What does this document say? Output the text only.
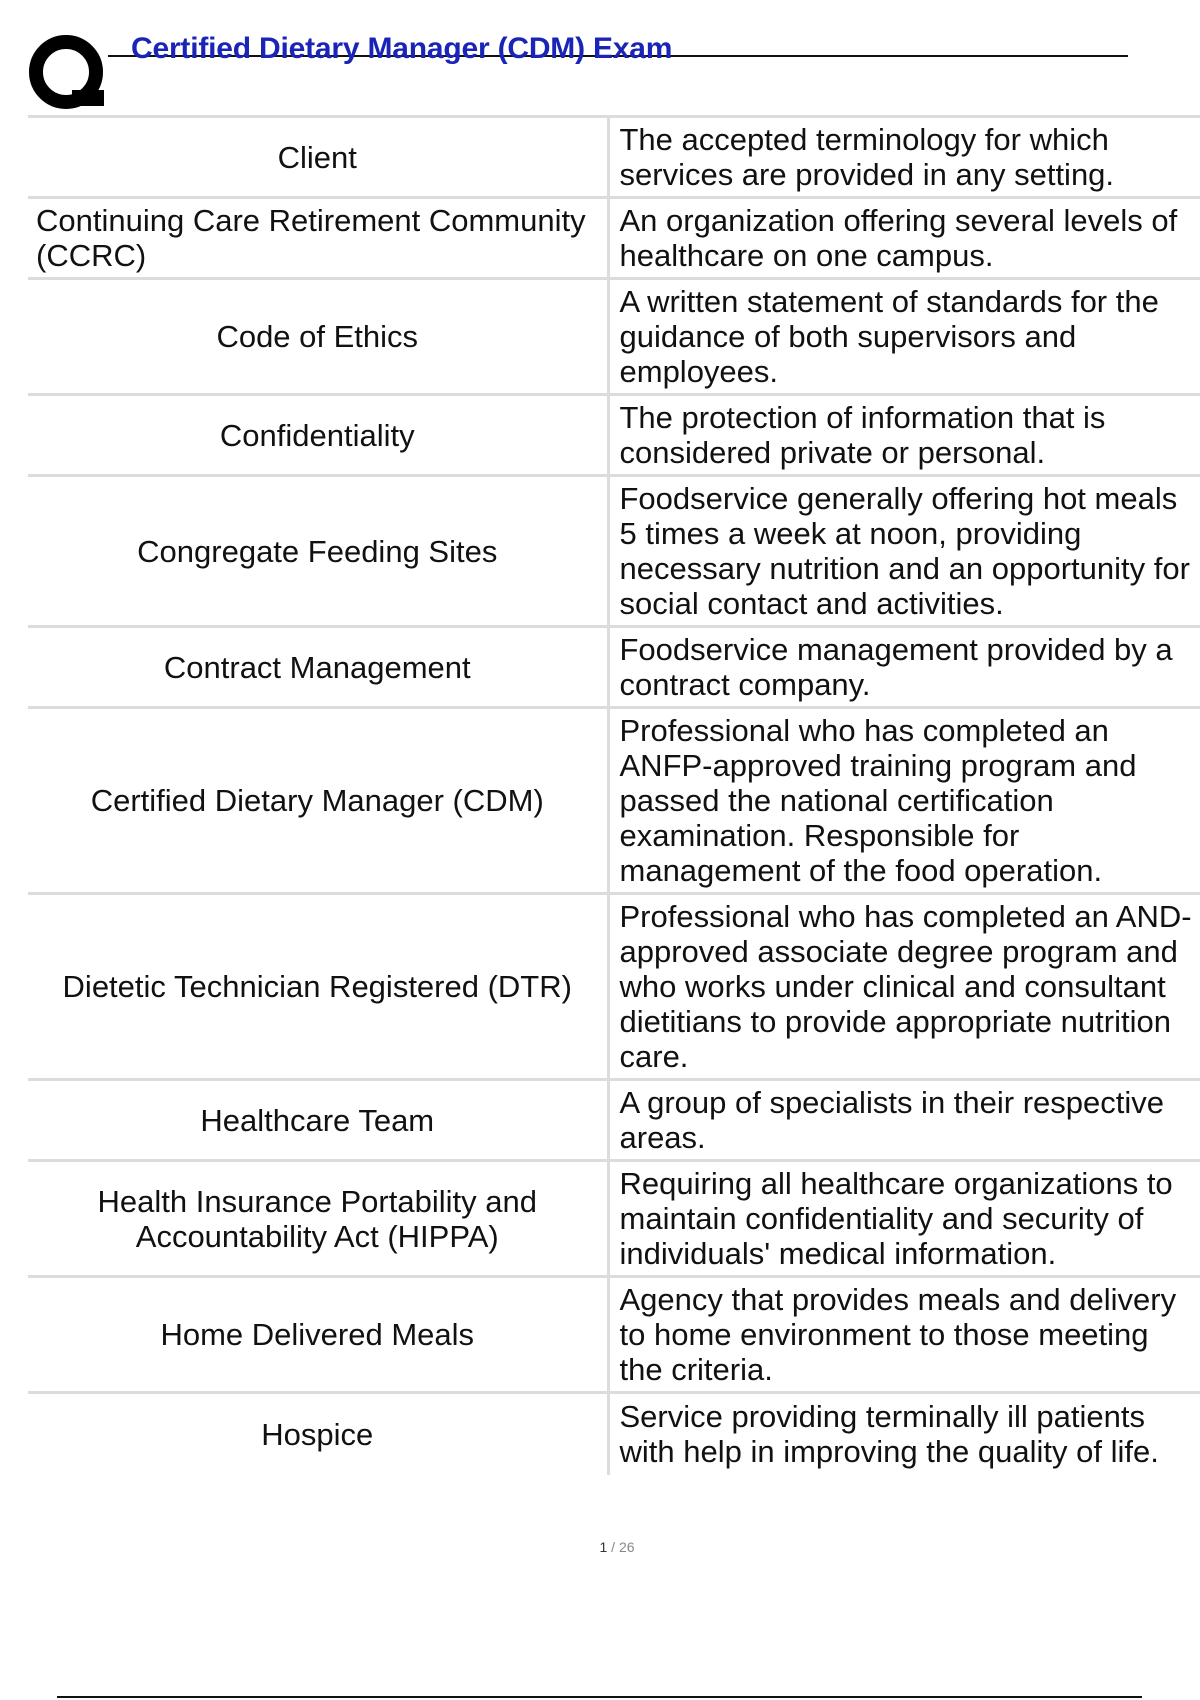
Certified Dietary Manager (CDM) Exam
Client	The accepted terminology for which services are provided in any setting.
Continuing Care Retirement Community (CCRC)	An organization offering several levels of healthcare on one campus.
Code of Ethics	A written statement of standards for the guidance of both supervisors and employees.
Confidentiality	The protection of information that is considered private or personal.
Congregate Feeding Sites	Foodservice generally offering hot meals 5 times a week at noon, providing necessary nutrition and an opportunity for social contact and activities.
Contract Management	Foodservice management provided by a contract company.
Certified Dietary Manager (CDM)	Professional who has completed an ANFP-approved training program and passed the national certification examination. Responsible for management of the food operation.
Dietetic Technician Registered (DTR)	Professional who has completed an AND-approved associate degree program and who works under clinical and consultant dietitians to provide appropriate nutrition care.
Healthcare Team	A group of specialists in their respective areas.
Health Insurance Portability and Accountability Act (HIPPA)	Requiring all healthcare organizations to maintain confidentiality and security of individuals' medical information.
Home Delivered Meals	Agency that provides meals and delivery to home environment to those meeting the criteria.
Hospice	Service providing terminally ill patients with help in improving the quality of life.
1 / 26
